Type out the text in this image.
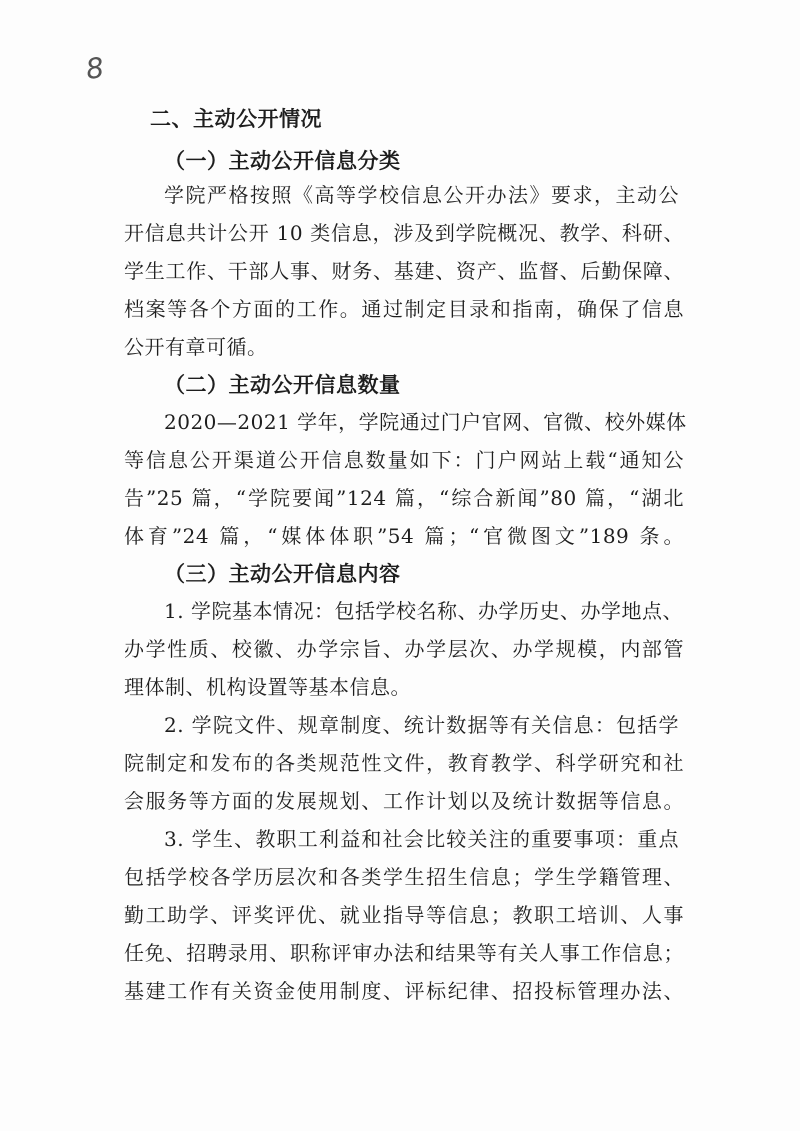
8
二、主动公开情况
（一）主动公开信息分类
学院严格按照《高等学校信息公开办法》要求，主动公
开信息共计公开 10 类信息，涉及到学院概况、教学、科研、
学生工作、干部人事、财务、基建、资产、监督、后勤保障、
档案等各个方面的工作。通过制定目录和指南，确保了信息
公开有章可循。
（二）主动公开信息数量
2020—2021 学年，学院通过门户官网、官微、校外媒体
等信息公开渠道公开信息数量如下：门户网站上载“通知公
告”25 篇，“学院要闻”124 篇，“综合新闻”80 篇，“湖北
体育”24 篇，“媒体体职”54 篇；“官微图文”189 条。
（三）主动公开信息内容
1. 学院基本情况：包括学校名称、办学历史、办学地点、
办学性质、校徽、办学宗旨、办学层次、办学规模，内部管
理体制、机构设置等基本信息。
2. 学院文件、规章制度、统计数据等有关信息：包括学
院制定和发布的各类规范性文件，教育教学、科学研究和社
会服务等方面的发展规划、工作计划以及统计数据等信息。
3. 学生、教职工利益和社会比较关注的重要事项：重点
包括学校各学历层次和各类学生招生信息；学生学籍管理、
勤工助学、评奖评优、就业指导等信息；教职工培训、人事
任免、招聘录用、职称评审办法和结果等有关人事工作信息；
基建工作有关资金使用制度、评标纪律、招投标管理办法、
